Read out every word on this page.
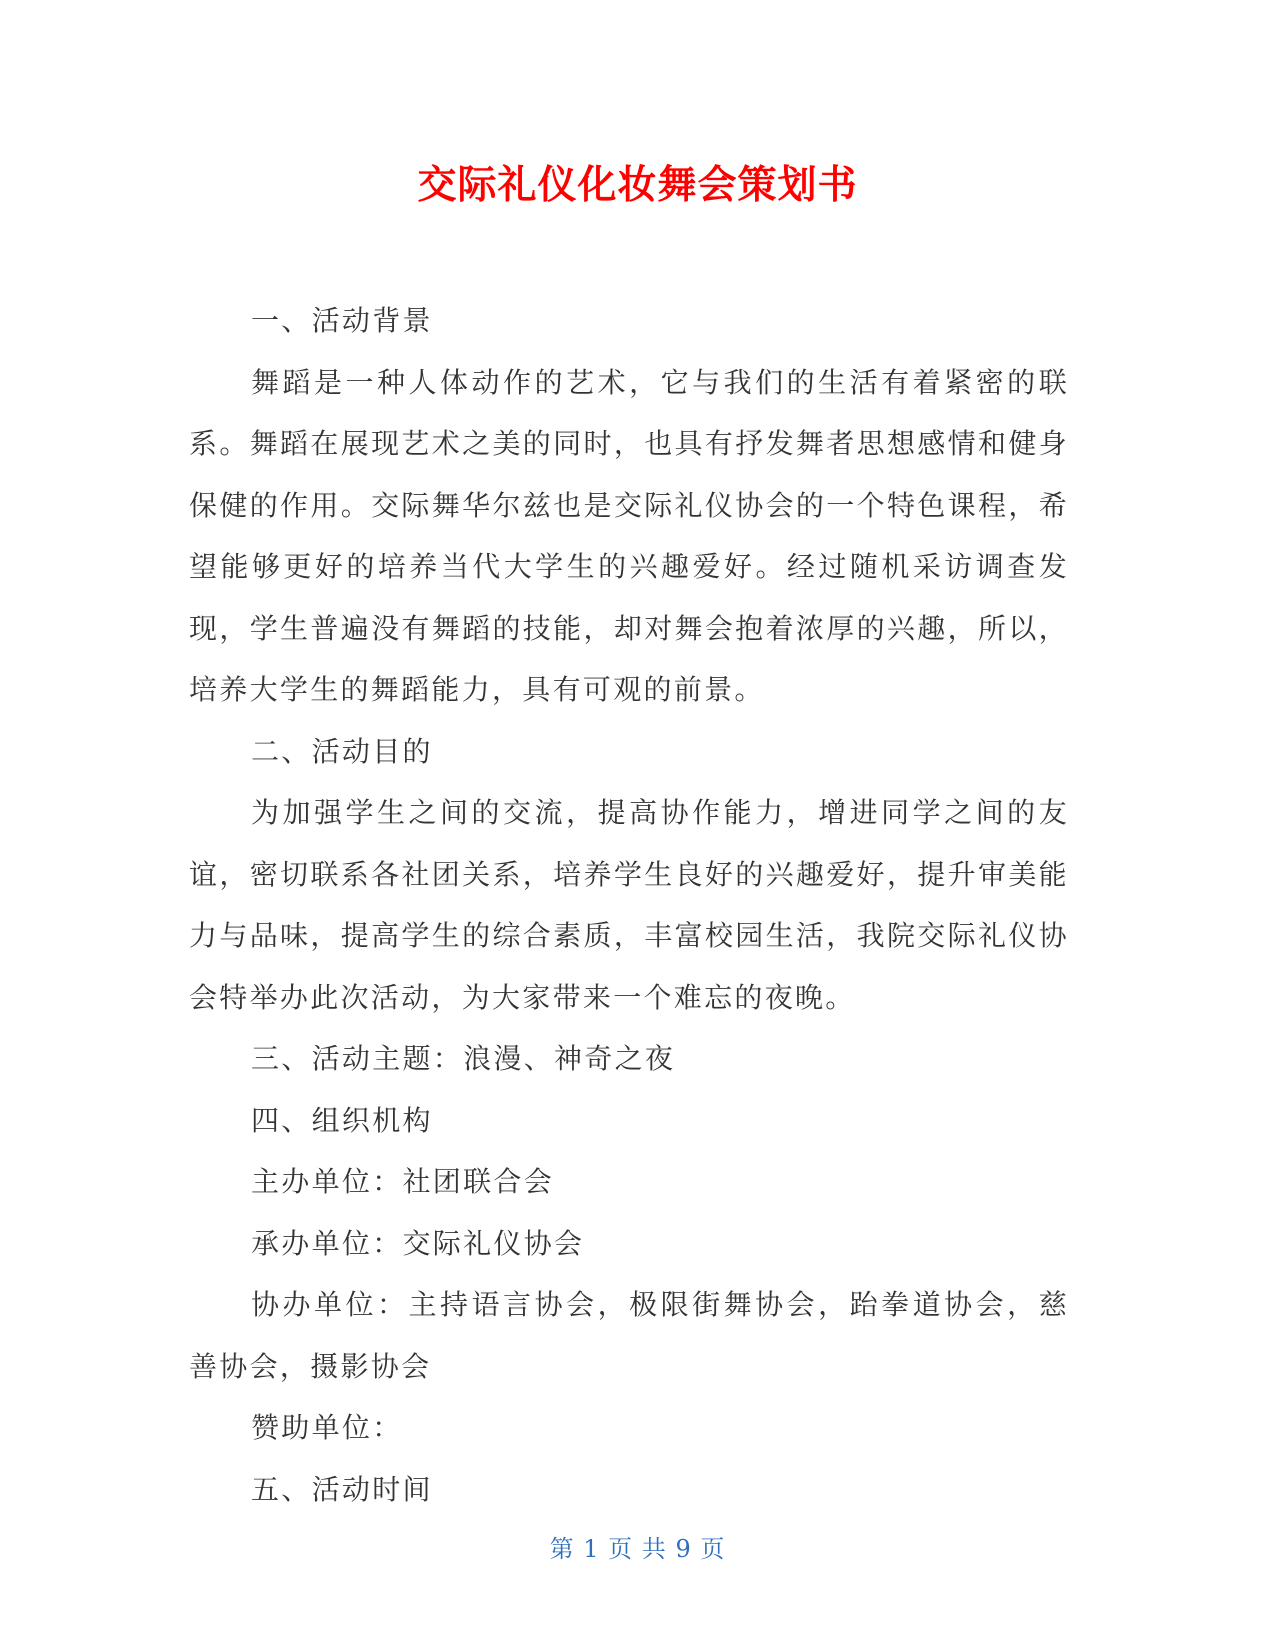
交际礼仪化妆舞会策划书

一、活动背景

舞蹈是一种人体动作的艺术，它与我们的生活有着紧密的联系。舞蹈在展现艺术之美的同时，也具有抒发舞者思想感情和健身保健的作用。交际舞华尔兹也是交际礼仪协会的一个特色课程，希望能够更好的培养当代大学生的兴趣爱好。经过随机采访调查发现，学生普遍没有舞蹈的技能，却对舞会抱着浓厚的兴趣，所以，培养大学生的舞蹈能力，具有可观的前景。

二、活动目的

为加强学生之间的交流，提高协作能力，增进同学之间的友谊，密切联系各社团关系，培养学生良好的兴趣爱好，提升审美能力与品味，提高学生的综合素质，丰富校园生活，我院交际礼仪协会特举办此次活动，为大家带来一个难忘的夜晚。

三、活动主题：浪漫、神奇之夜

四、组织机构

主办单位：社团联合会

承办单位：交际礼仪协会

协办单位：主持语言协会，极限街舞协会，跆拳道协会，慈善协会，摄影协会

赞助单位：

五、活动时间

第 1 页 共 9 页
